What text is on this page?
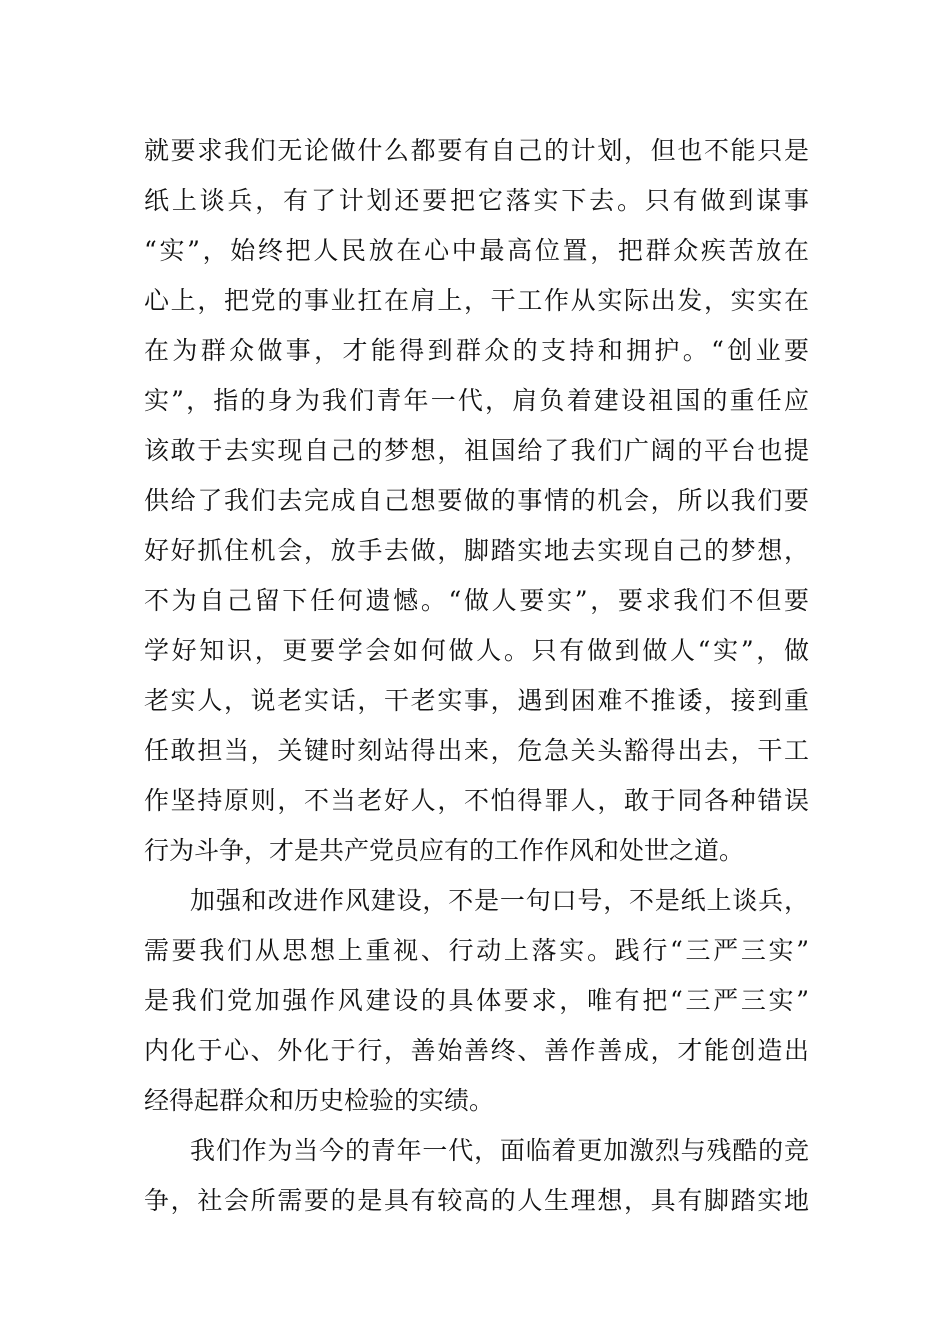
就要求我们无论做什么都要有自己的计划，但也不能只是
纸上谈兵，有了计划还要把它落实下去。只有做到谋事
“实”，始终把人民放在心中最高位置，把群众疾苦放在
心上，把党的事业扛在肩上，干工作从实际出发，实实在
在为群众做事，才能得到群众的支持和拥护。“创业要
实”，指的身为我们青年一代，肩负着建设祖国的重任应
该敢于去实现自己的梦想，祖国给了我们广阔的平台也提
供给了我们去完成自己想要做的事情的机会，所以我们要
好好抓住机会，放手去做，脚踏实地去实现自己的梦想，
不为自己留下任何遗憾。“做人要实”，要求我们不但要
学好知识，更要学会如何做人。只有做到做人“实”，做
老实人，说老实话，干老实事，遇到困难不推诿，接到重
任敢担当，关键时刻站得出来，危急关头豁得出去，干工
作坚持原则，不当老好人，不怕得罪人，敢于同各种错误
行为斗争，才是共产党员应有的工作作风和处世之道。
加强和改进作风建设，不是一句口号，不是纸上谈兵，
需要我们从思想上重视、行动上落实。践行“三严三实”
是我们党加强作风建设的具体要求，唯有把“三严三实”
内化于心、外化于行，善始善终、善作善成，才能创造出
经得起群众和历史检验的实绩。
我们作为当今的青年一代，面临着更加激烈与残酷的竞
争，社会所需要的是具有较高的人生理想，具有脚踏实地
